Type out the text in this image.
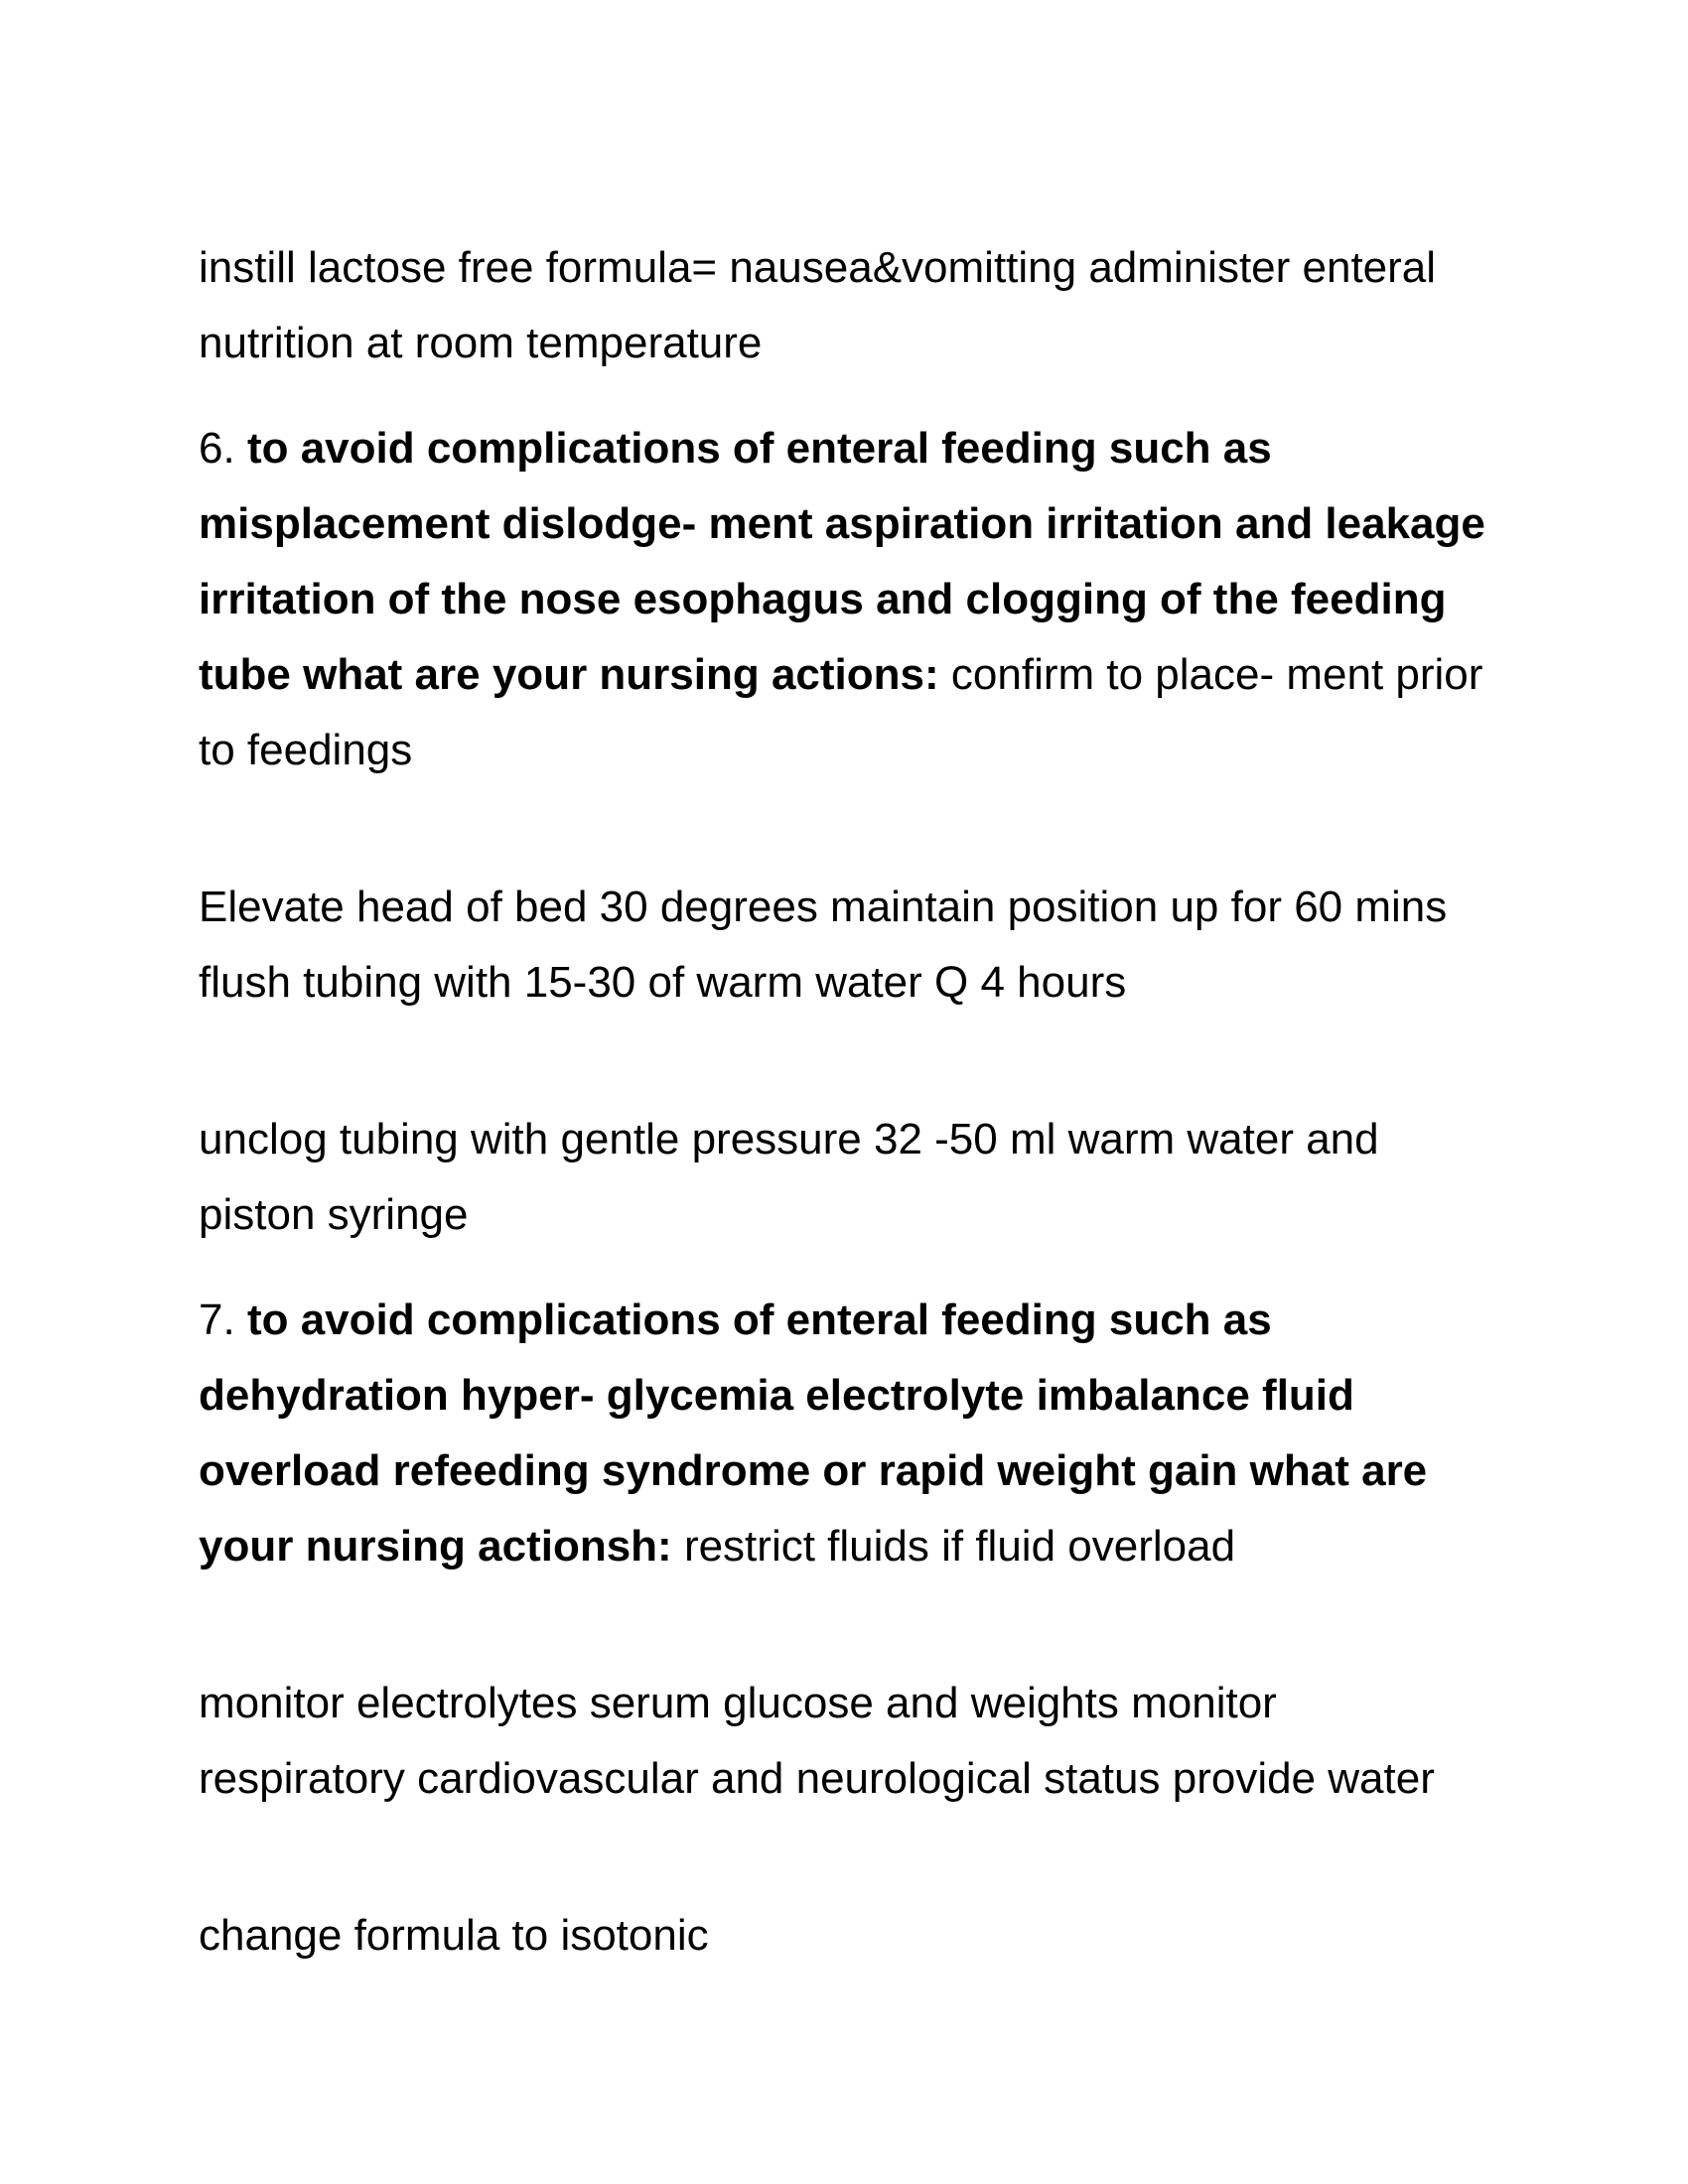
instill lactose free formula= nausea&vomitting administer enteral nutrition at room temperature

6. to avoid complications of enteral feeding such as misplacement dislodge- ment aspiration irritation and leakage irritation of the nose esophagus and clogging of the feeding tube what are your nursing actions: confirm to place- ment prior to feedings

Elevate head of bed 30 degrees maintain position up for 60 mins flush tubing with 15-30 of warm water Q 4 hours

unclog tubing with gentle pressure 32 -50 ml warm water and piston syringe

7. to avoid complications of enteral feeding such as dehydration hyper- glycemia electrolyte imbalance fluid overload refeeding syndrome or rapid weight gain what are your nursing actionsh: restrict fluids if fluid overload

monitor electrolytes serum glucose and weights monitor respiratory cardiovascular and neurological status provide water

change formula to isotonic
